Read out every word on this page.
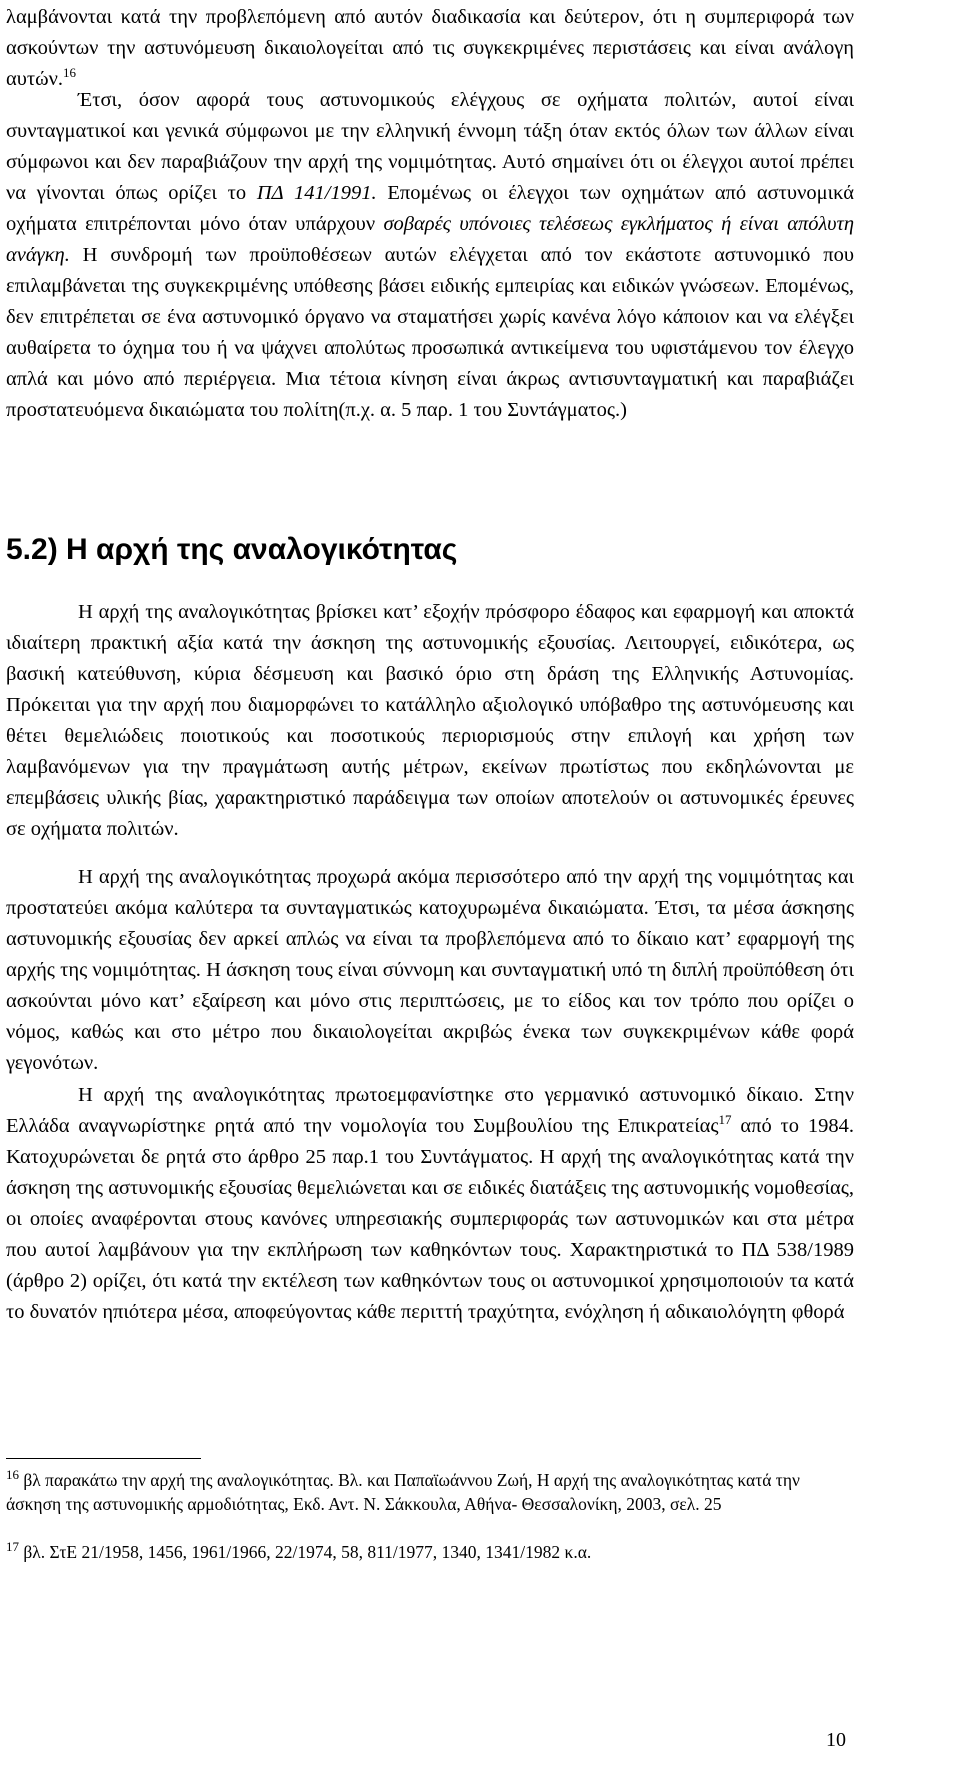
λαμβάνονται κατά την προβλεπόμενη από αυτόν διαδικασία και δεύτερον, ότι η συμπεριφορά των ασκούντων την αστυνόμευση δικαιολογείται από τις συγκεκριμένες περιστάσεις και είναι ανάλογη αυτών.$^{16}$

Έτσι, όσον αφορά τους αστυνομικούς ελέγχους σε οχήματα πολιτών, αυτοί είναι συνταγματικοί και γενικά σύμφωνοι με την ελληνική έννομη τάξη όταν εκτός όλων των άλλων είναι σύμφωνοι και δεν παραβιάζουν την αρχή της νομιμότητας. Αυτό σημαίνει ότι οι έλεγχοι αυτοί πρέπει να γίνονται όπως ορίζει το ΠΔ 141/1991. Επομένως οι έλεγχοι των οχημάτων από αστυνομικά οχήματα επιτρέπονται μόνο όταν υπάρχουν σοβαρές υπόνοιες τελέσεως εγκλήματος ή είναι απόλυτη ανάγκη. Η συνδρομή των προϋποθέσεων αυτών ελέγχεται από τον εκάστοτε αστυνομικό που επιλαμβάνεται της συγκεκριμένης υπόθεσης βάσει ειδικής εμπειρίας και ειδικών γνώσεων. Επομένως, δεν επιτρέπεται σε ένα αστυνομικό όργανο να σταματήσει χωρίς κανένα λόγο κάποιον και να ελέγξει αυθαίρετα το όχημα του ή να ψάχνει απολύτως προσωπικά αντικείμενα του υφιστάμενου τον έλεγχο απλά και μόνο από περιέργεια. Μια τέτοια κίνηση είναι άκρως αντισυνταγματική και παραβιάζει προστατευόμενα δικαιώματα του πολίτη(π.χ. α. 5 παρ. 1 του Συντάγματος.)

5.2) Η αρχή της αναλογικότητας

Η αρχή της αναλογικότητας βρίσκει κατ’ εξοχήν πρόσφορο έδαφος και εφαρμογή και αποκτά ιδιαίτερη πρακτική αξία κατά την άσκηση της αστυνομικής εξουσίας. Λειτουργεί, ειδικότερα, ως βασική κατεύθυνση, κύρια δέσμευση και βασικό όριο στη δράση της Ελληνικής Αστυνομίας. Πρόκειται για την αρχή που διαμορφώνει το κατάλληλο αξιολογικό υπόβαθρο της αστυνόμευσης και θέτει θεμελιώδεις ποιοτικούς και ποσοτικούς περιορισμούς στην επιλογή και χρήση των λαμβανόμενων για την πραγμάτωση αυτής μέτρων, εκείνων πρωτίστως που εκδηλώνονται με επεμβάσεις υλικής βίας, χαρακτηριστικό παράδειγμα των οποίων αποτελούν οι αστυνομικές έρευνες σε οχήματα πολιτών.

Η αρχή της αναλογικότητας προχωρά ακόμα περισσότερο από την αρχή της νομιμότητας και προστατεύει ακόμα καλύτερα τα συνταγματικώς κατοχυρωμένα δικαιώματα. Έτσι, τα μέσα άσκησης αστυνομικής εξουσίας δεν αρκεί απλώς να είναι τα προβλεπόμενα από το δίκαιο κατ’ εφαρμογή της αρχής της νομιμότητας. Η άσκηση τους είναι σύννομη και συνταγματική υπό τη διπλή προϋπόθεση ότι ασκούνται μόνο κατ’ εξαίρεση και μόνο στις περιπτώσεις, με το είδος και τον τρόπο που ορίζει ο νόμος, καθώς και στο μέτρο που δικαιολογείται ακριβώς ένεκα των συγκεκριμένων κάθε φορά γεγονότων.

Η αρχή της αναλογικότητας πρωτοεμφανίστηκε στο γερμανικό αστυνομικό δίκαιο. Στην Ελλάδα αναγνωρίστηκε ρητά από την νομολογία του Συμβουλίου της Επικρατείας$^{17}$ από το 1984. Κατοχυρώνεται δε ρητά στο άρθρο 25 παρ.1 του Συντάγματος. Η αρχή της αναλογικότητας κατά την άσκηση της αστυνομικής εξουσίας θεμελιώνεται και σε ειδικές διατάξεις της αστυνομικής νομοθεσίας, οι οποίες αναφέρονται στους κανόνες υπηρεσιακής συμπεριφοράς των αστυνομικών και στα μέτρα που αυτοί λαμβάνουν για την εκπλήρωση των καθηκόντων τους. Χαρακτηριστικά το ΠΔ 538/1989 (άρθρο 2) ορίζει, ότι κατά την εκτέλεση των καθηκόντων τους οι αστυνομικοί χρησιμοποιούν τα κατά το δυνατόν ηπιότερα μέσα, αποφεύγοντας κάθε περιττή τραχύτητα, ενόχληση ή αδικαιολόγητη φθορά

$^{16}$ βλ παρακάτω την αρχή της αναλογικότητας. Βλ. και Παπαϊωάννου Ζωή, Η αρχή της αναλογικότητας κατά την άσκηση της αστυνομικής αρμοδιότητας, Εκδ. Αντ. Ν. Σάκκουλα, Αθήνα- Θεσσαλονίκη, 2003, σελ. 25

$^{17}$ βλ. ΣτΕ 21/1958, 1456, 1961/1966, 22/1974, 58, 811/1977, 1340, 1341/1982 κ.α.

10
